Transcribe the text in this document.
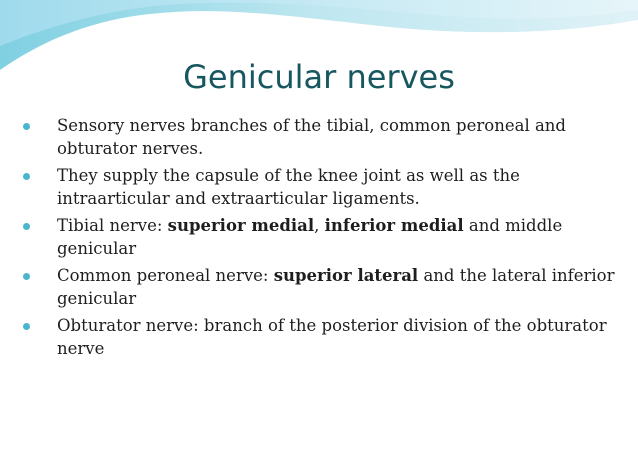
Genicular nerves
Sensory nerves branches of the tibial, common peroneal and obturator nerves.
They supply the capsule of the knee joint as well as the intraarticular and extraarticular ligaments.
Tibial nerve: superior medial, inferior medial and middle genicular
Common peroneal nerve: superior lateral and the lateral inferior genicular
Obturator nerve: branch of the posterior division of the obturator nerve
